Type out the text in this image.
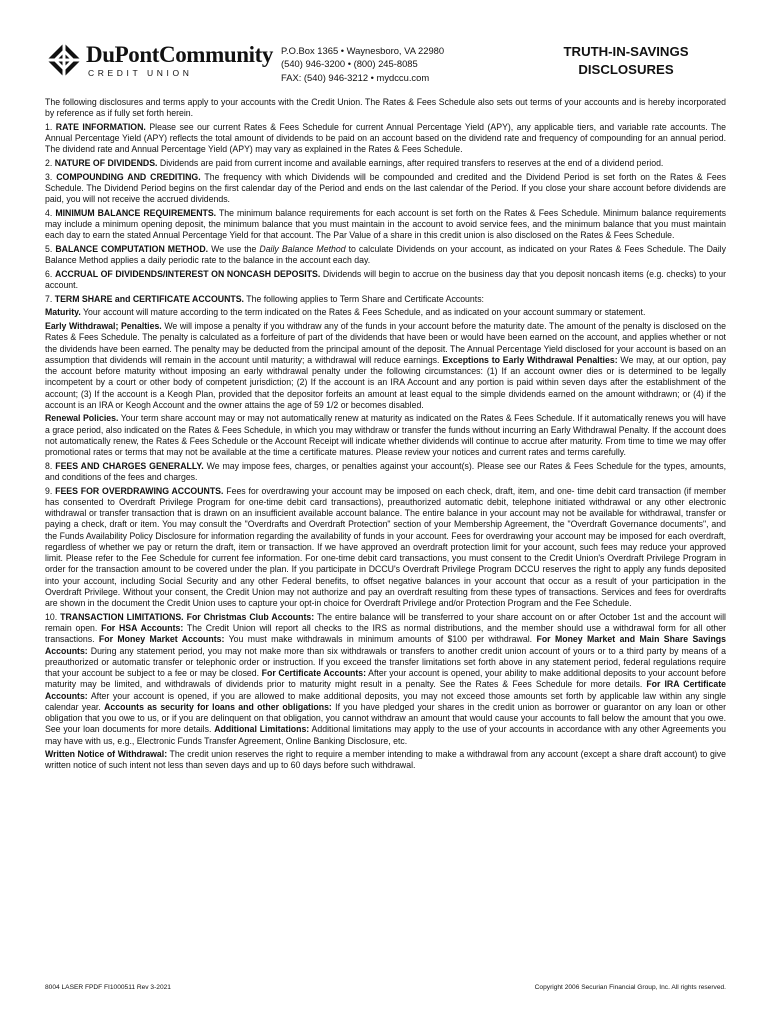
DuPontCommunity
CREDIT UNION
P.O.Box 1365 • Waynesboro, VA 22980
(540) 946-3200 • (800) 245-8085
FAX: (540) 946-3212 • mydccu.com
TRUTH-IN-SAVINGS
DISCLOSURES

The following disclosures and terms apply to your accounts with the Credit Union. The Rates & Fees Schedule also sets out terms of your accounts and is hereby incorporated by reference as if fully set forth herein.

1. RATE INFORMATION. Please see our current Rates & Fees Schedule for current Annual Percentage Yield (APY), any applicable tiers, and variable rate accounts. The Annual Percentage Yield (APY) reflects the total amount of dividends to be paid on an account based on the dividend rate and frequency of compounding for an annual period. The dividend rate and Annual Percentage Yield (APY) may vary as explained in the Rates & Fees Schedule.

2. NATURE OF DIVIDENDS. Dividends are paid from current income and available earnings, after required transfers to reserves at the end of a dividend period.

3. COMPOUNDING AND CREDITING. The frequency with which Dividends will be compounded and credited and the Dividend Period is set forth on the Rates & Fees Schedule. The Dividend Period begins on the first calendar day of the Period and ends on the last calendar of the Period. If you close your share account before dividends are paid, you will not receive the accrued dividends.

4. MINIMUM BALANCE REQUIREMENTS. The minimum balance requirements for each account is set forth on the Rates & Fees Schedule. Minimum balance requirements may include a minimum opening deposit, the minimum balance that you must maintain in the account to avoid service fees, and the minimum balance that you must maintain each day to earn the stated Annual Percentage Yield for that account. The Par Value of a share in this credit union is also disclosed on the Rates & Fees Schedule.

5. BALANCE COMPUTATION METHOD. We use the Daily Balance Method to calculate Dividends on your account, as indicated on your Rates & Fees Schedule. The Daily Balance Method applies a daily periodic rate to the balance in the account each day.

6. ACCRUAL OF DIVIDENDS/INTEREST ON NONCASH DEPOSITS. Dividends will begin to accrue on the business day that you deposit noncash items (e.g. checks) to your account.

7. TERM SHARE and CERTIFICATE ACCOUNTS. The following applies to Term Share and Certificate Accounts:

Maturity. Your account will mature according to the term indicated on the Rates & Fees Schedule, and as indicated on your account summary or statement.

Early Withdrawal; Penalties. We will impose a penalty if you withdraw any of the funds in your account before the maturity date. The amount of the penalty is disclosed on the Rates & Fees Schedule. The penalty is calculated as a forfeiture of part of the dividends that have been or would have been earned on the account, and applies whether or not the dividends have been earned. The penalty may be deducted from the principal amount of the deposit. The Annual Percentage Yield disclosed for your account is based on an assumption that dividends will remain in the account until maturity; a withdrawal will reduce earnings. Exceptions to Early Withdrawal Penalties: We may, at our option, pay the account before maturity without imposing an early withdrawal penalty under the following circumstances: (1) If an account owner dies or is determined to be legally incompetent by a court or other body of competent jurisdiction; (2) If the account is an IRA Account and any portion is paid within seven days after the establishment of the account; (3) If the account is a Keogh Plan, provided that the depositor forfeits an amount at least equal to the simple dividends earned on the amount withdrawn; or (4) if the account is an IRA or Keogh Account and the owner attains the age of 59 1/2 or becomes disabled.

Renewal Policies. Your term share account may or may not automatically renew at maturity as indicated on the Rates & Fees Schedule. If it automatically renews you will have a grace period, also indicated on the Rates & Fees Schedule, in which you may withdraw or transfer the funds without incurring an Early Withdrawal Penalty. If the account does not automatically renew, the Rates & Fees Schedule or the Account Receipt will indicate whether dividends will continue to accrue after maturity. From time to time we may offer promotional rates or terms that may not be available at the time a certificate matures. Please review your notices and current rates and terms carefully.

8. FEES AND CHARGES GENERALLY. We may impose fees, charges, or penalties against your account(s). Please see our Rates & Fees Schedule for the types, amounts, and conditions of the fees and charges.

9. FEES FOR OVERDRAWING ACCOUNTS. Fees for overdrawing your account may be imposed on each check, draft, item, and one- time debit card transaction (if member has consented to Overdraft Privilege Program for one-time debit card transactions), preauthorized automatic debit, telephone initiated withdrawal or any other electronic withdrawal or transfer transaction that is drawn on an insufficient available account balance. The entire balance in your account may not be available for withdrawal, transfer or paying a check, draft or item. You may consult the "Overdrafts and Overdraft Protection" section of your Membership Agreement, the "Overdraft Governance documents", and the Funds Availability Policy Disclosure for information regarding the availability of funds in your account. Fees for overdrawing your account may be imposed for each overdraft, regardless of whether we pay or return the draft, item or transaction. If we have approved an overdraft protection limit for your account, such fees may reduce your approved limit. Please refer to the Fee Schedule for current fee information. For one-time debit card transactions, you must consent to the Credit Union's Overdraft Privilege Program in order for the transaction amount to be covered under the plan. If you participate in DCCU's Overdraft Privilege Program DCCU reserves the right to apply any funds deposited into your account, including Social Security and any other Federal benefits, to offset negative balances in your account that occur as a result of your participation in the Overdraft Privilege. Without your consent, the Credit Union may not authorize and pay an overdraft resulting from these types of transactions. Services and fees for overdrafts are shown in the document the Credit Union uses to capture your opt-in choice for Overdraft Privilege and/or Protection Program and the Fee Schedule.

10. TRANSACTION LIMITATIONS. For Christmas Club Accounts: The entire balance will be transferred to your share account on or after October 1st and the account will remain open. For HSA Accounts: The Credit Union will report all checks to the IRS as normal distributions, and the member should use a withdrawal form for all other transactions. For Money Market Accounts: You must make withdrawals in minimum amounts of $100 per withdrawal. For Money Market and Main Share Savings Accounts: During any statement period, you may not make more than six withdrawals or transfers to another credit union account of yours or to a third party by means of a preauthorized or automatic transfer or telephonic order or instruction. If you exceed the transfer limitations set forth above in any statement period, federal regulations require that your account be subject to a fee or may be closed. For Certificate Accounts: After your account is opened, your ability to make additional deposits to your account before maturity may be limited, and withdrawals of dividends prior to maturity might result in a penalty. See the Rates & Fees Schedule for more details. For IRA Certificate Accounts: After your account is opened, if you are allowed to make additional deposits, you may not exceed those amounts set forth by applicable law within any single calendar year. Accounts as security for loans and other obligations: If you have pledged your shares in the credit union as borrower or guarantor on any loan or other obligation that you owe to us, or if you are delinquent on that obligation, you cannot withdraw an amount that would cause your accounts to fall below the amount that you owe. See your loan documents for more details. Additional Limitations: Additional limitations may apply to the use of your accounts in accordance with any other Agreements you may have with us, e.g., Electronic Funds Transfer Agreement, Online Banking Disclosure, etc.

Written Notice of Withdrawal: The credit union reserves the right to require a member intending to make a withdrawal from any account (except a share draft account) to give written notice of such intent not less than seven days and up to 60 days before such withdrawal.

8004 LASER FPDF FI1000511 Rev 3-2021	Copyright 2006 Securian Financial Group, Inc. All rights reserved.
